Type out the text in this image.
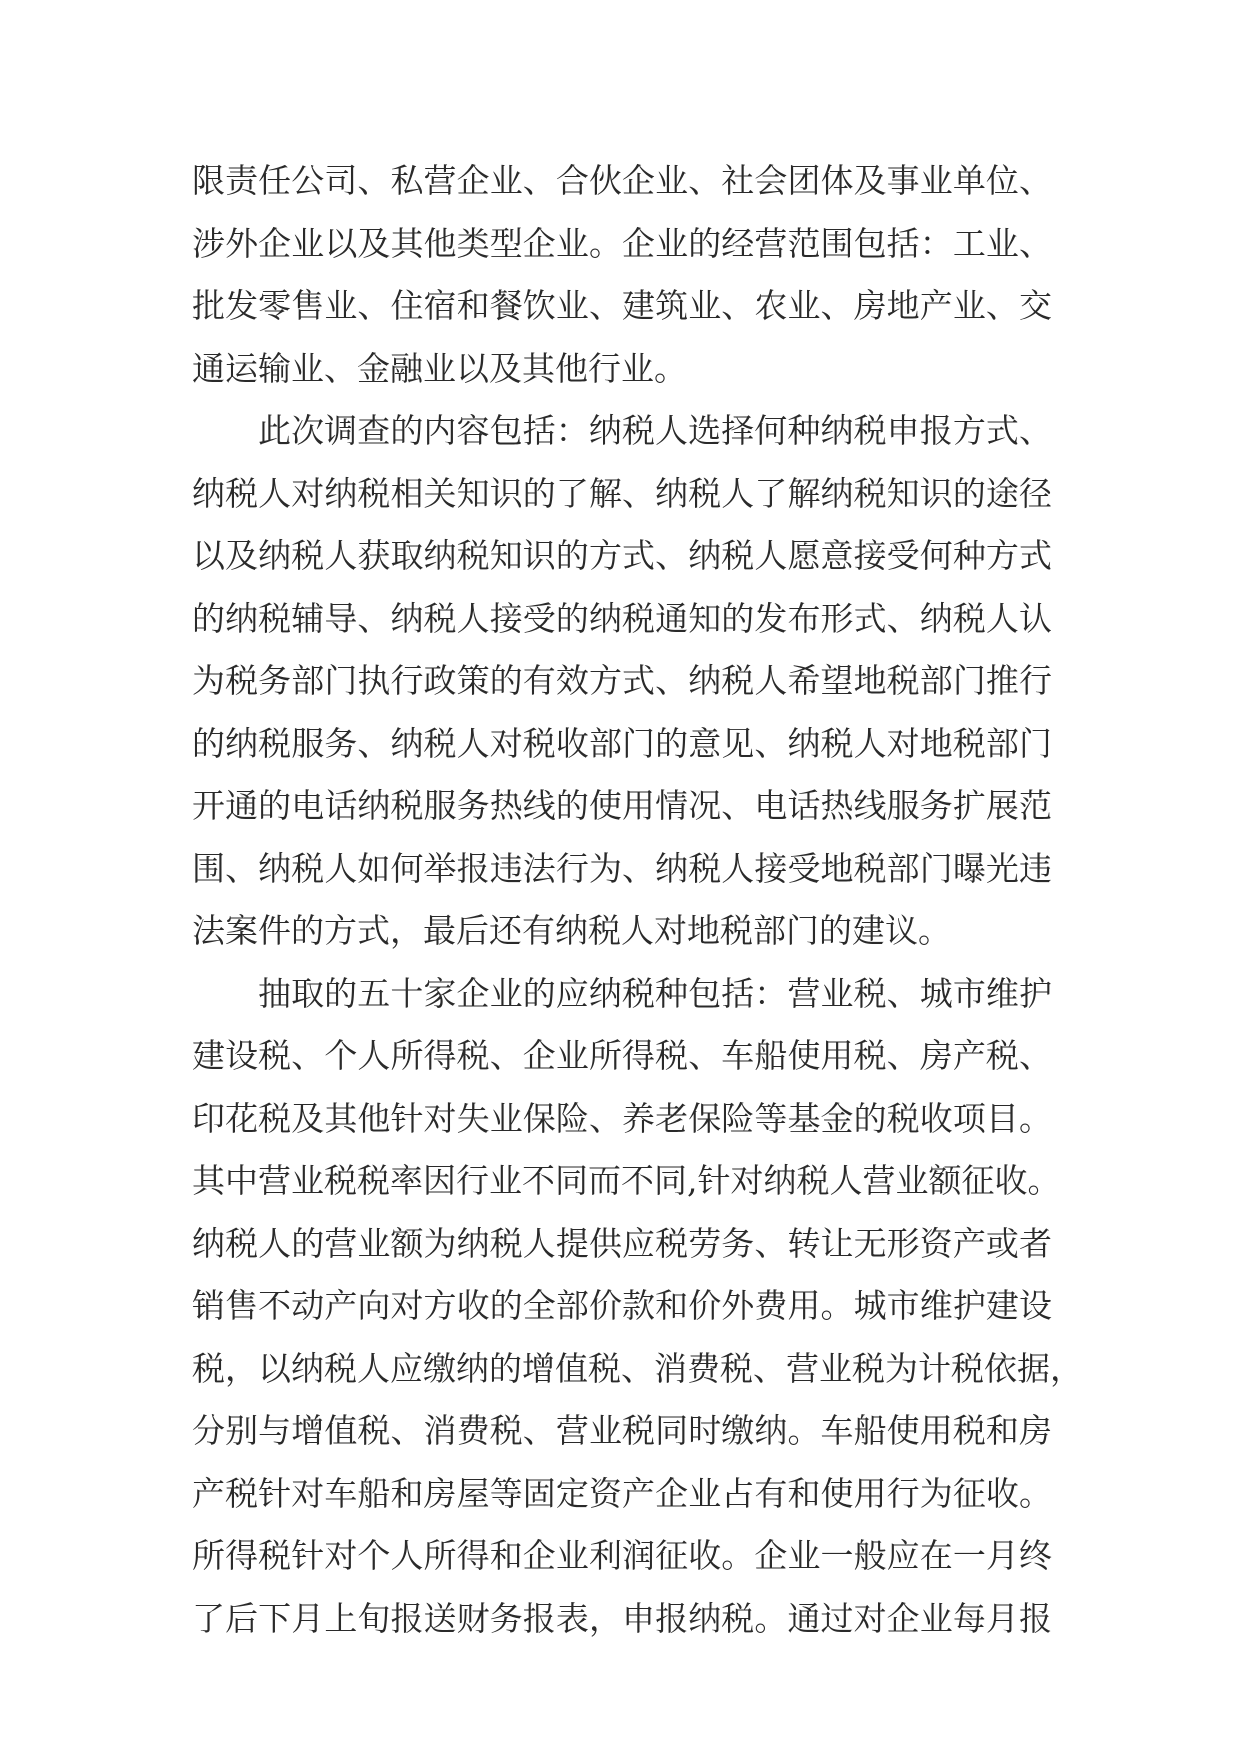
限责任公司、私营企业、合伙企业、社会团体及事业单位、
涉外企业以及其他类型企业。企业的经营范围包括：工业、
批发零售业、住宿和餐饮业、建筑业、农业、房地产业、交
通运输业、金融业以及其他行业。
此次调查的内容包括：纳税人选择何种纳税申报方式、
纳税人对纳税相关知识的了解、纳税人了解纳税知识的途径
以及纳税人获取纳税知识的方式、纳税人愿意接受何种方式
的纳税辅导、纳税人接受的纳税通知的发布形式、纳税人认
为税务部门执行政策的有效方式、纳税人希望地税部门推行
的纳税服务、纳税人对税收部门的意见、纳税人对地税部门
开通的电话纳税服务热线的使用情况、电话热线服务扩展范
围、纳税人如何举报违法行为、纳税人接受地税部门曝光违
法案件的方式，最后还有纳税人对地税部门的建议。
抽取的五十家企业的应纳税种包括：营业税、城市维护
建设税、个人所得税、企业所得税、车船使用税、房产税、
印花税及其他针对失业保险、养老保险等基金的税收项目。
其中营业税税率因行业不同而不同,针对纳税人营业额征收。
纳税人的营业额为纳税人提供应税劳务、转让无形资产或者
销售不动产向对方收的全部价款和价外费用。城市维护建设
税，以纳税人应缴纳的增值税、消费税、营业税为计税依据，
分别与增值税、消费税、营业税同时缴纳。车船使用税和房
产税针对车船和房屋等固定资产企业占有和使用行为征收。
所得税针对个人所得和企业利润征收。企业一般应在一月终
了后下月上旬报送财务报表，申报纳税。通过对企业每月报
